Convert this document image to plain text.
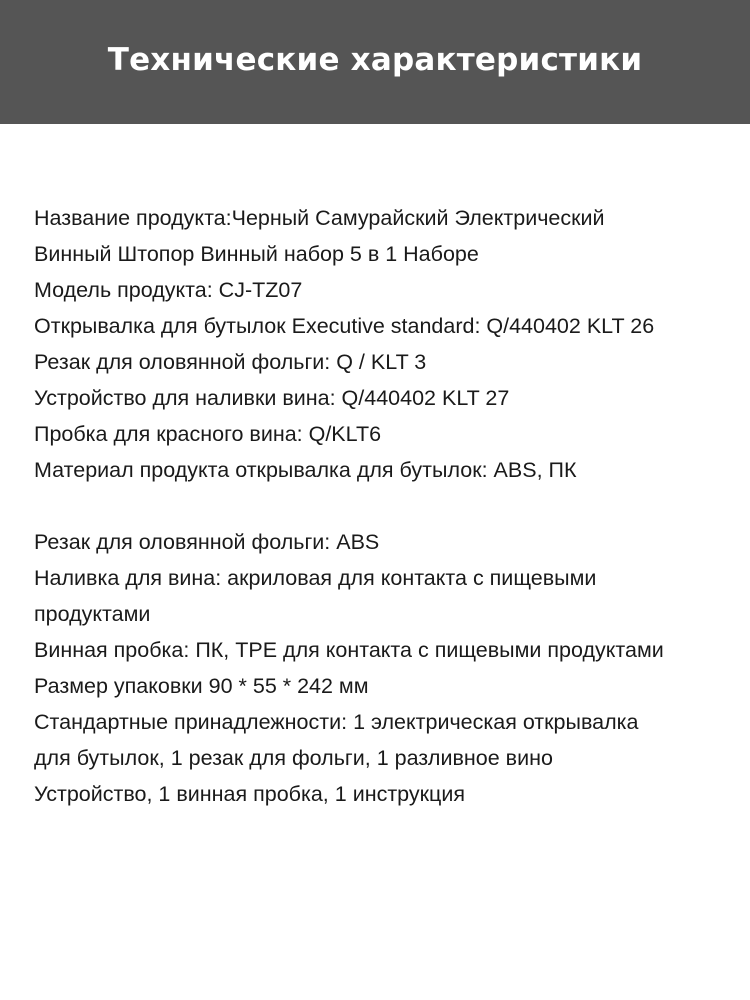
Технические характеристики
Название продукта:Черный Самурайский Электрический
Винный Штопор Винный набор 5 в 1 Наборе
Модель продукта: CJ-TZ07
Открывалка для бутылок Executive standard: Q/440402 KLT 26
Резак для оловянной фольги: Q / KLT 3
Устройство для наливки вина: Q/440402 KLT 27
Пробка для красного вина: Q/KLT6
Материал продукта открывалка для бутылок: ABS, ПК
Резак для оловянной фольги: ABS
Наливка для вина: акриловая для контакта с пищевыми
продуктами
Винная пробка: ПК, TPE для контакта с пищевыми продуктами
Размер упаковки 90 * 55 * 242 мм
Стандартные принадлежности: 1 электрическая открывалка
для бутылок, 1 резак для фольги, 1 разливное вино
Устройство, 1 винная пробка, 1 инструкция
